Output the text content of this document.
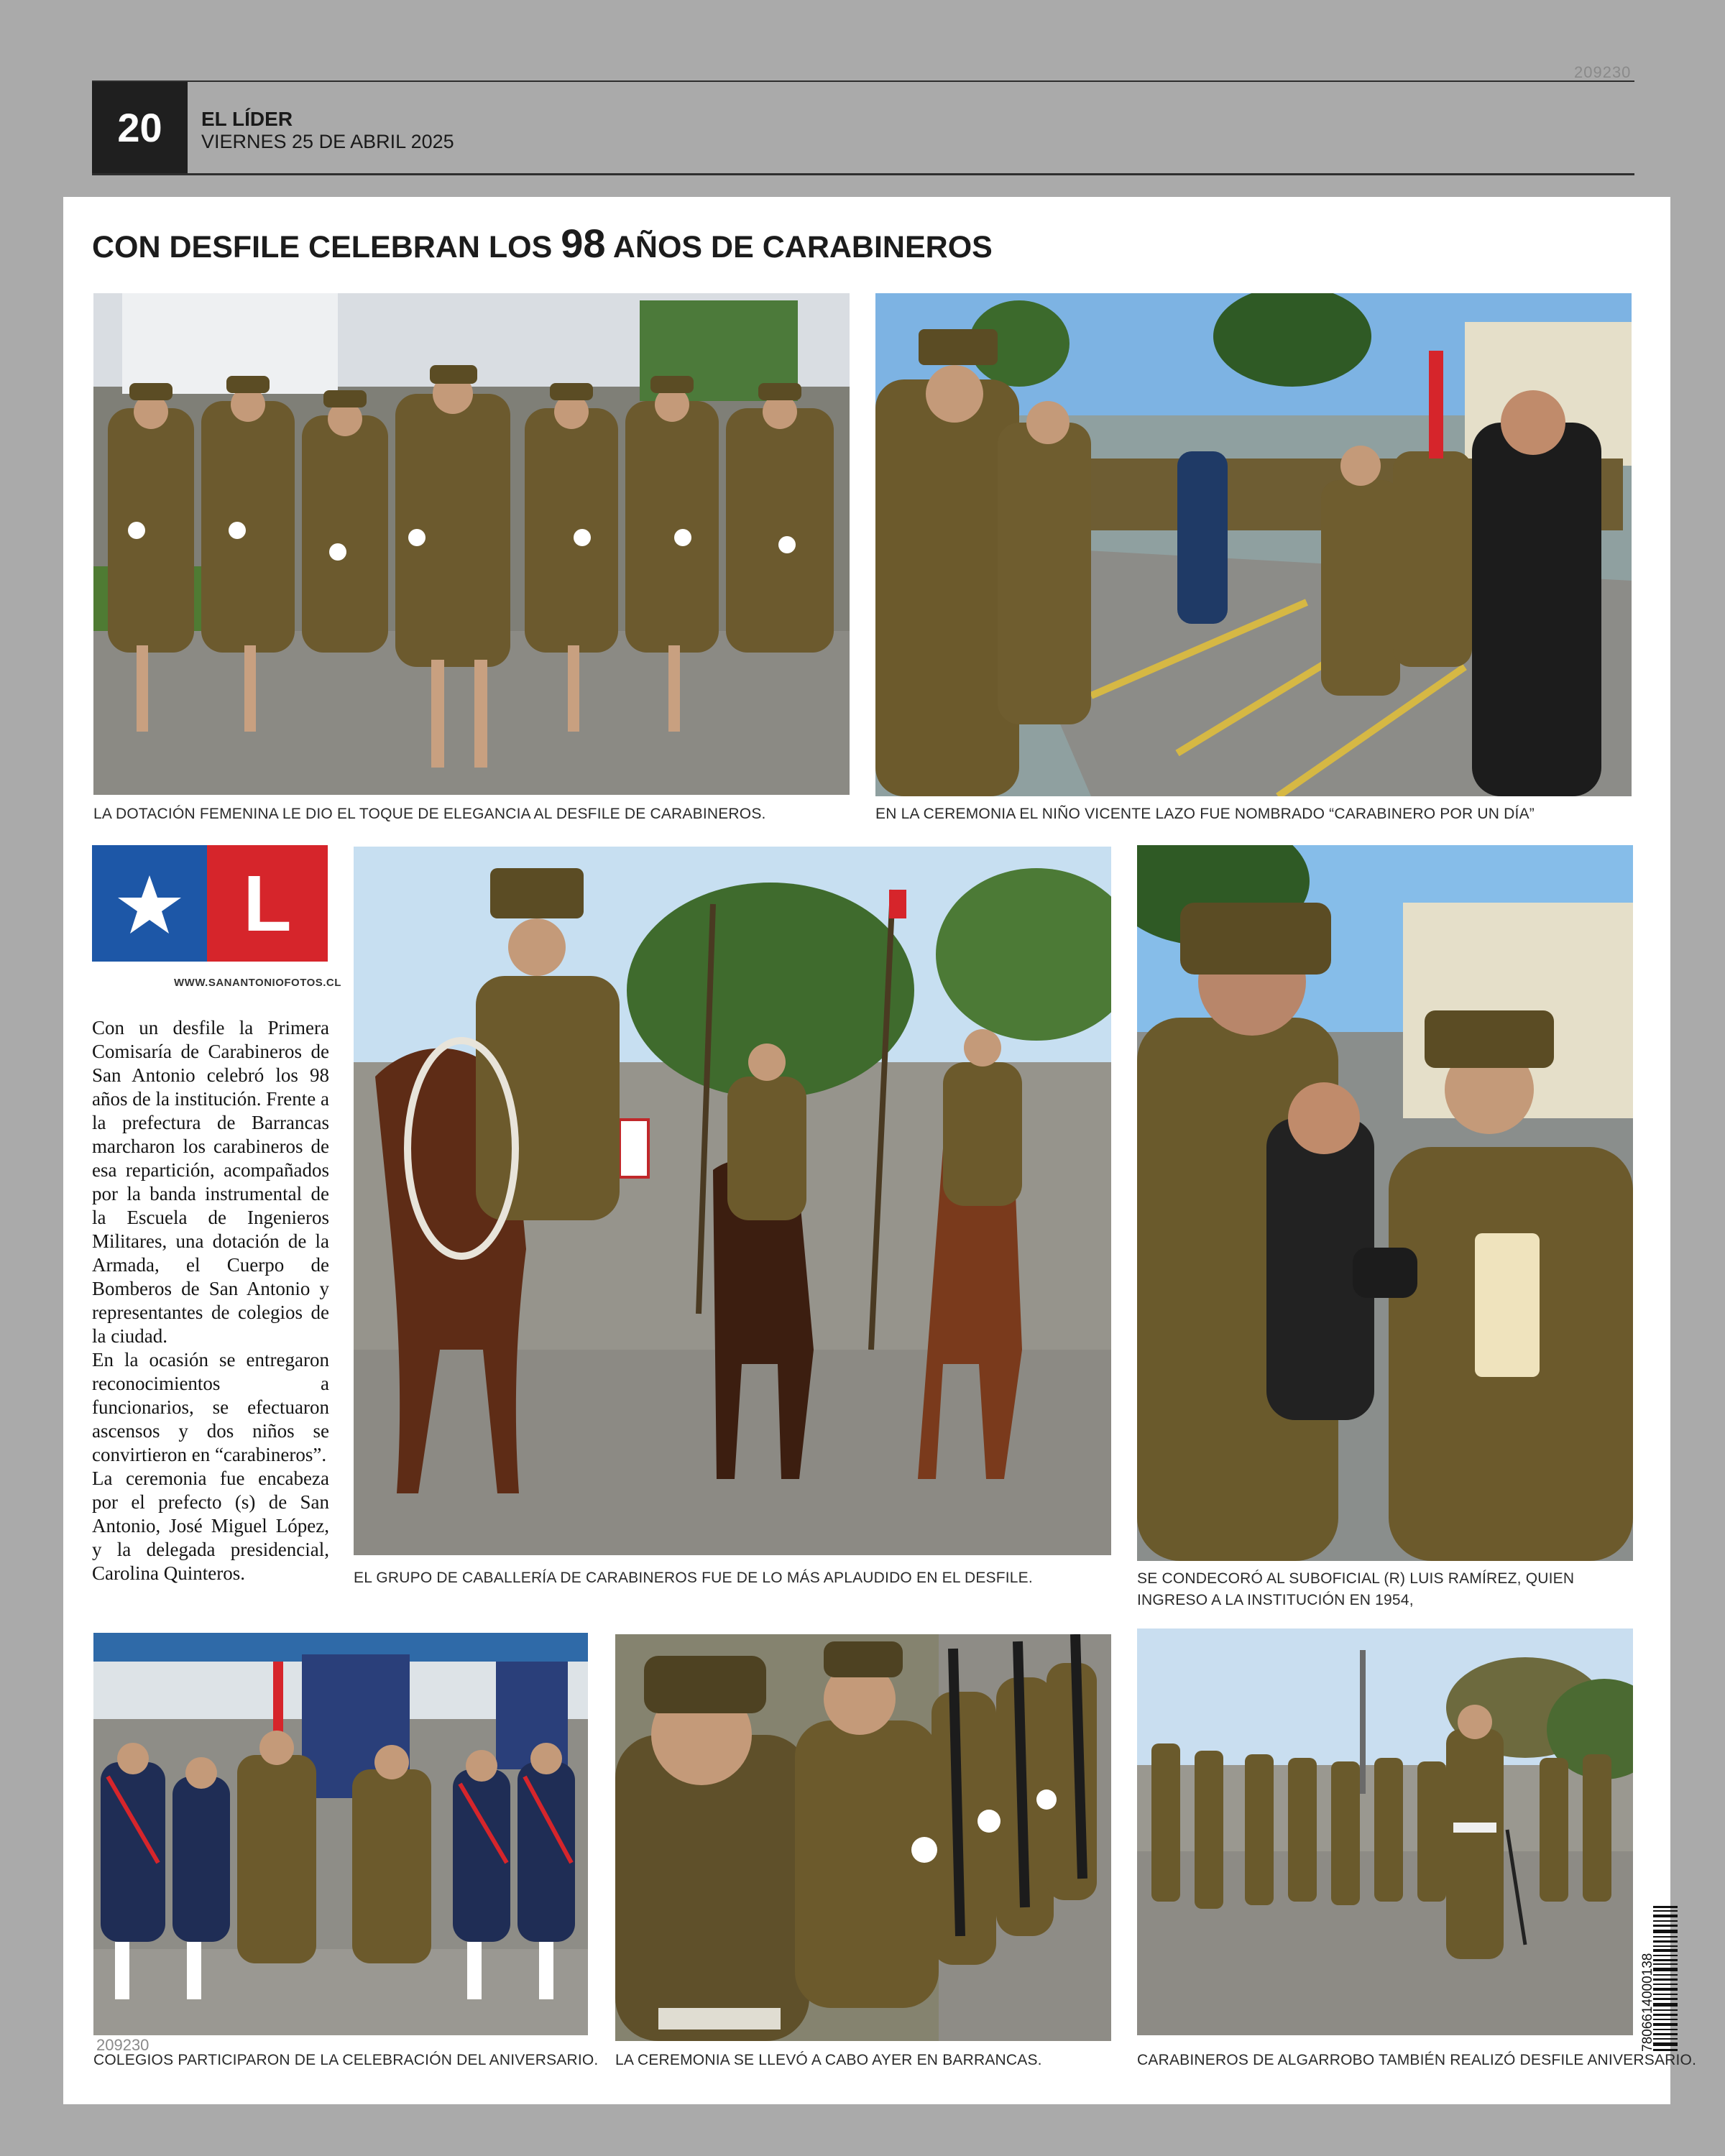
209230
20	EL LÍDER
VIERNES 25 DE ABRIL 2025
CON DESFILE CELEBRAN LOS 98 AÑOS DE CARABINEROS
LA DOTACIÓN FEMENINA LE DIO EL TOQUE DE ELEGANCIA AL DESFILE DE CARABINEROS.	EN LA CEREMONIA EL NIÑO VICENTE LAZO FUE NOMBRADO “CARABINERO POR UN DÍA”
L
WWW.SANANTONIOFOTOS.CL

Con un desfile la Primera Comisaría de Carabineros de San Antonio celebró los 98 años de la institución. Frente a la prefectura de Barrancas marcharon los carabineros de esa repartición, acompañados por la banda instrumental de la Escuela de Ingenieros Militares, una dotación de la Armada, el Cuerpo de Bomberos de San Antonio y representantes de colegios de la ciudad.

En la ocasión se entregaron reconocimientos a funcionarios, se efectuaron ascensos y dos niños se convirtieron en “carabineros”.

La ceremonia fue encabeza por el prefecto (s) de San Antonio, José Miguel López, y la delegada presidencial, Carolina Quinteros.	EL GRUPO DE CABALLERÍA DE CARABINEROS FUE DE LO MÁS APLAUDIDO EN EL DESFILE.	SE CONDECORÓ AL SUBOFICIAL (R) LUIS RAMÍREZ, QUIEN INGRESO A LA INSTITUCIÓN EN 1954,
209230
COLEGIOS PARTICIPARON DE LA CELEBRACIÓN DEL ANIVERSARIO. LA CEREMONIA SE LLEVÓ A CABO AYER EN BARRANCAS.	CARABINEROS DE ALGARROBO TAMBIÉN REALIZÓ DESFILE ANIVERSARIO.
7806614000138
